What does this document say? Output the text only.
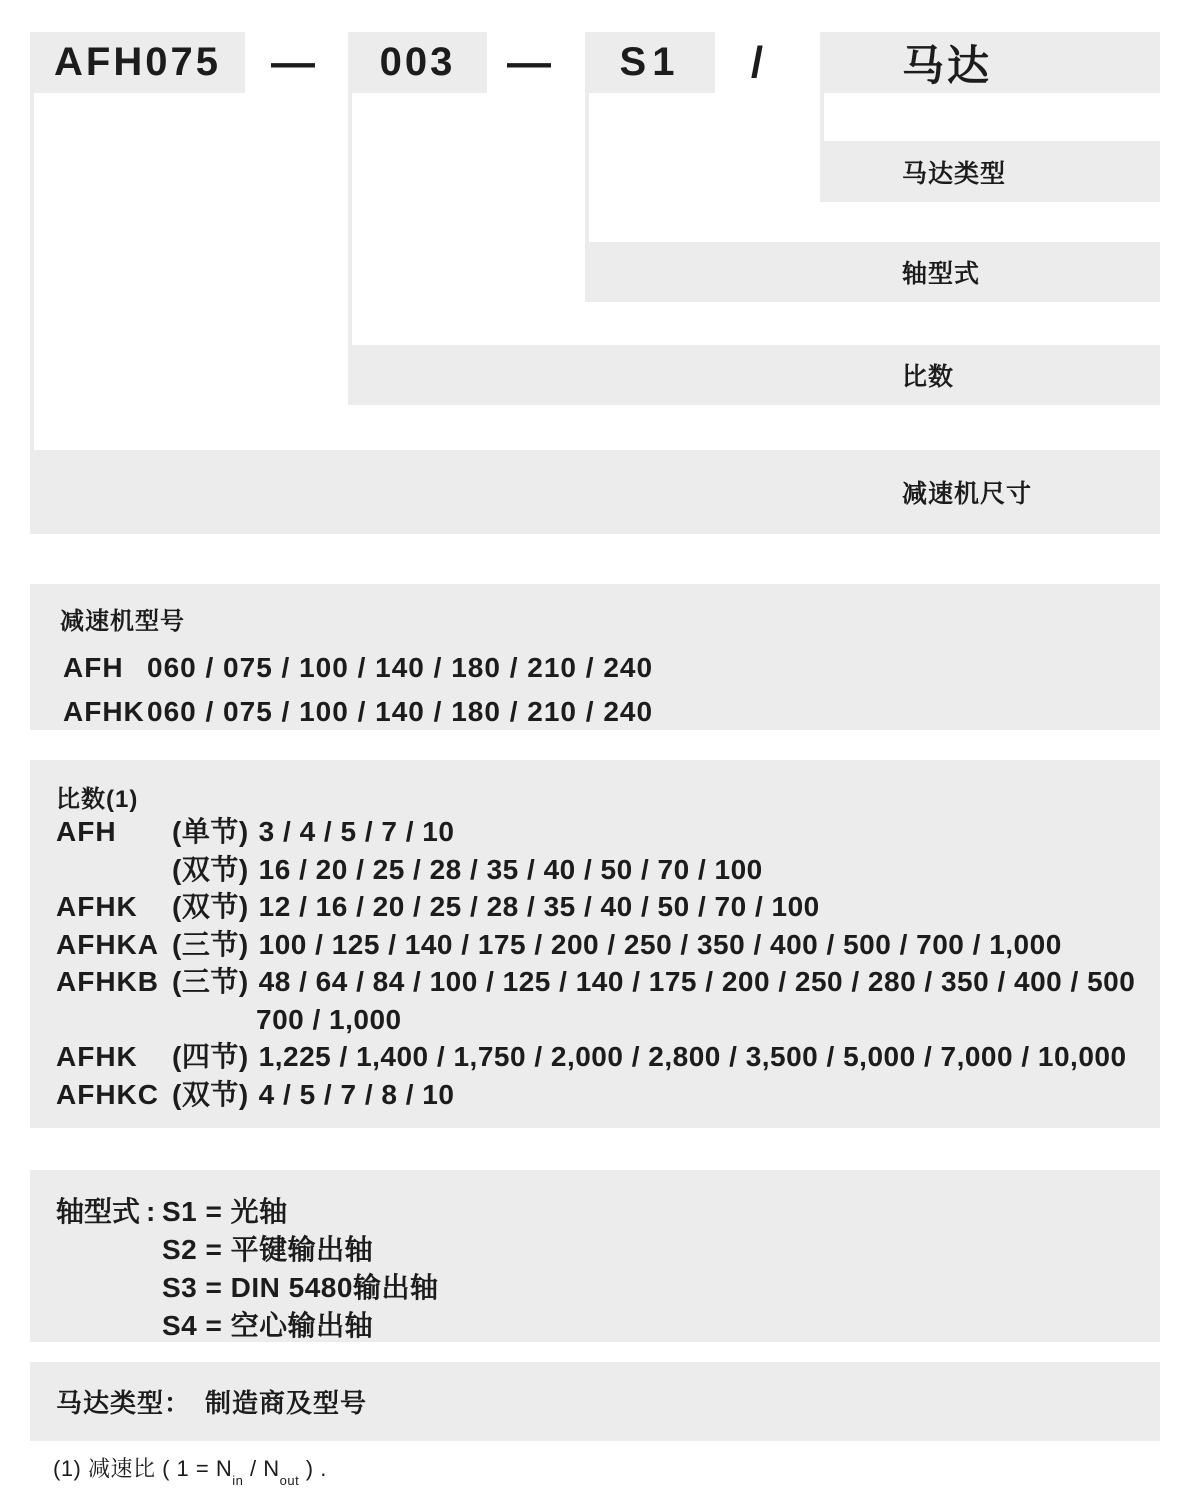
AFH075 — 003 — S1 /	马达
马达类型
轴型式
比数
减速机尺寸
减速机型号
AFH 060 / 075 / 100 / 140 / 180 / 210 / 240
AFHK 060 / 075 / 100 / 140 / 180 / 210 / 240
比数(1)
AFH (单节) 3 / 4 / 5 / 7 / 10
(双节) 16 / 20 / 25 / 28 / 35 / 40 / 50 / 70 / 100
AFHK (双节) 12 / 16 / 20 / 25 / 28 / 35 / 40 / 50 / 70 / 100
AFHKA (三节) 100 / 125 / 140 / 175 / 200 / 250 / 350 / 400 / 500 / 700 / 1,000
AFHKB (三节) 48 / 64 / 84 / 100 / 125 / 140 / 175 / 200 / 250 / 280 / 350 / 400 / 500
700 / 1,000
AFHK (四节) 1,225 / 1,400 / 1,750 / 2,000 / 2,800 / 3,500 / 5,000 / 7,000 / 10,000
AFHKC (双节) 4 / 5 / 7 / 8 / 10
轴型式 : S1 = 光轴
S2 = 平键输出轴
S3 = DIN 5480输出轴
S4 = 空心输出轴
马达类型： 制造商及型号
(1) 减速比 ( $1 = N_{in} / N_{out}$ ) .
